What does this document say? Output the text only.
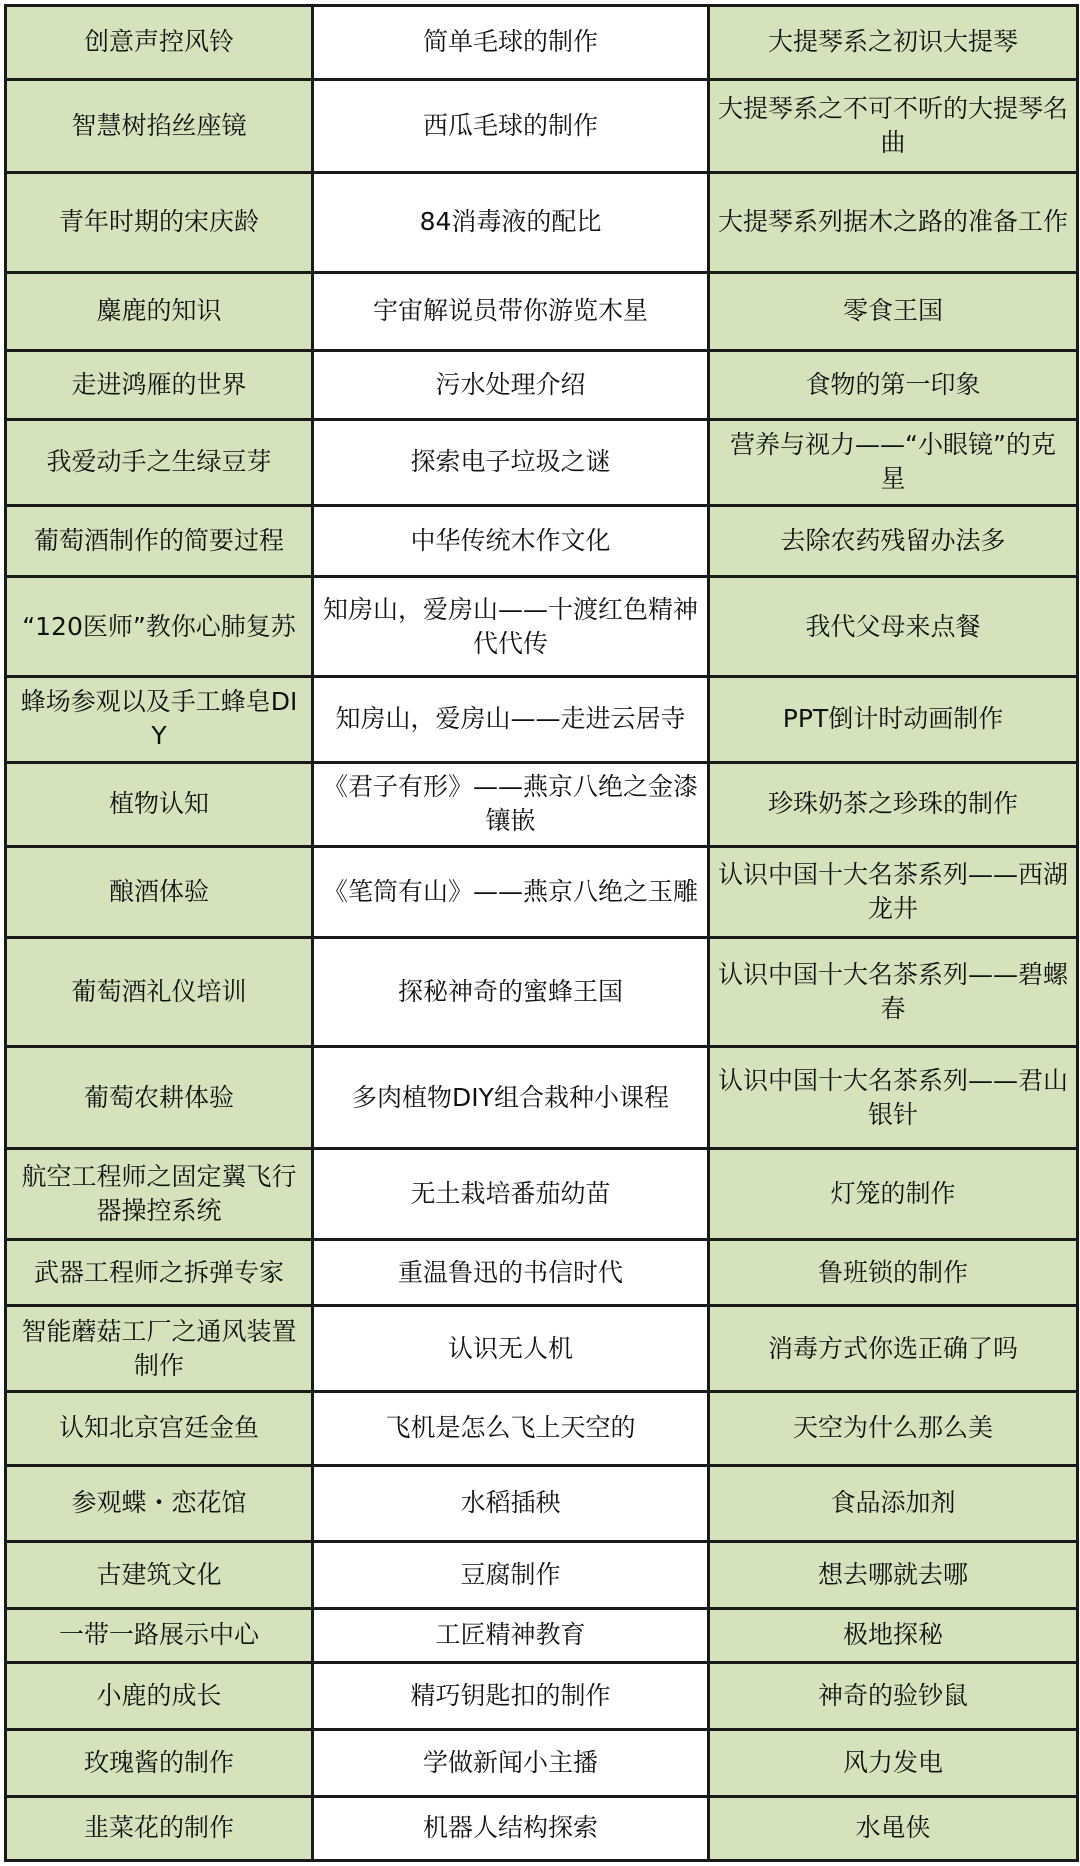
创意声控风铃	简单毛球的制作	大提琴系之初识大提琴
智慧树掐丝座镜	西瓜毛球的制作	大提琴系之不可不听的大提琴名曲
青年时期的宋庆龄	84消毒液的配比	大提琴系列据木之路的准备工作
麋鹿的知识	宇宙解说员带你游览木星	零食王国
走进鸿雁的世界	污水处理介绍	食物的第一印象
我爱动手之生绿豆芽	探索电子垃圾之谜	营养与视力——“小眼镜”的克星
葡萄酒制作的简要过程	中华传统木作文化	去除农药残留办法多
“120医师”教你心肺复苏	知房山，爱房山——十渡红色精神代代传	我代父母来点餐
蜂场参观以及手工蜂皂DIY	知房山，爱房山——走进云居寺	PPT倒计时动画制作
植物认知	《君子有形》——燕京八绝之金漆镶嵌	珍珠奶茶之珍珠的制作
酿酒体验	《笔筒有山》——燕京八绝之玉雕	认识中国十大名茶系列——西湖龙井
葡萄酒礼仪培训	探秘神奇的蜜蜂王国	认识中国十大名茶系列——碧螺春
葡萄农耕体验	多肉植物DIY组合栽种小课程	认识中国十大名茶系列——君山银针
航空工程师之固定翼飞行器操控系统	无土栽培番茄幼苗	灯笼的制作
武器工程师之拆弹专家	重温鲁迅的书信时代	鲁班锁的制作
智能蘑菇工厂之通风装置制作	认识无人机	消毒方式你选正确了吗
认知北京宫廷金鱼	飞机是怎么飞上天空的	天空为什么那么美
参观蝶・恋花馆	水稻插秧	食品添加剂
古建筑文化	豆腐制作	想去哪就去哪
一带一路展示中心	工匠精神教育	极地探秘
小鹿的成长	精巧钥匙扣的制作	神奇的验钞鼠
玫瑰酱的制作	学做新闻小主播	风力发电
韭菜花的制作	机器人结构探索	水黾侠
